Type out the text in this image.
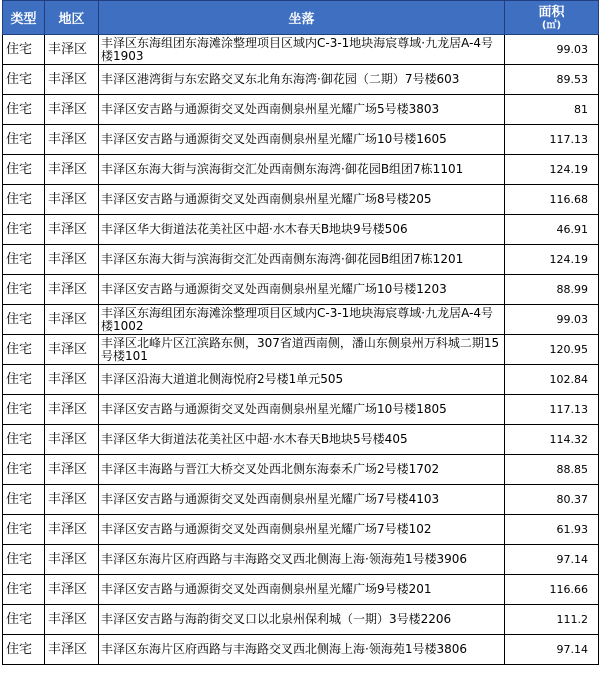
类型	地区	坐落	面积
(㎡)

住宅	丰泽区	丰泽区东海组团东海滩涂整理项目区域内C-3-1地块海宸尊域·九龙居A-4号楼1903	99.03
住宅	丰泽区	丰泽区港湾街与东宏路交叉东北角东海湾·御花园（二期）7号楼603	89.53
住宅	丰泽区	丰泽区安吉路与通源街交叉处西南侧泉州星光耀广场5号楼3803	81
住宅	丰泽区	丰泽区安吉路与通源街交叉处西南侧泉州星光耀广场10号楼1605	117.13
住宅	丰泽区	丰泽区东海大街与滨海街交汇处西南侧东海湾·御花园B组团7栋1101	124.19
住宅	丰泽区	丰泽区安吉路与通源街交叉处西南侧泉州星光耀广场8号楼205	116.68
住宅	丰泽区	丰泽区华大街道法花美社区中超·水木春天B地块9号楼506	46.91
住宅	丰泽区	丰泽区东海大街与滨海街交汇处西南侧东海湾·御花园B组团7栋1201	124.19
住宅	丰泽区	丰泽区安吉路与通源街交叉处西南侧泉州星光耀广场10号楼1203	88.99
住宅	丰泽区	丰泽区东海组团东海滩涂整理项目区域内C-3-1地块海宸尊域·九龙居A-4号楼1002	99.03
住宅	丰泽区	丰泽区北峰片区江滨路东侧，307省道西南侧，潘山东侧泉州万科城二期15号楼101	120.95
住宅	丰泽区	丰泽区沿海大道道北侧海悦府2号楼1单元505	102.84
住宅	丰泽区	丰泽区安吉路与通源街交叉处西南侧泉州星光耀广场10号楼1805	117.13
住宅	丰泽区	丰泽区华大街道法花美社区中超·水木春天B地块5号楼405	114.32
住宅	丰泽区	丰泽区丰海路与晋江大桥交叉处西北侧东海泰禾广场2号楼1702	88.85
住宅	丰泽区	丰泽区安吉路与通源街交叉处西南侧泉州星光耀广场7号楼4103	80.37
住宅	丰泽区	丰泽区安吉路与通源街交叉处西南侧泉州星光耀广场7号楼102	61.93
住宅	丰泽区	丰泽区东海片区府西路与丰海路交叉西北侧海上海·领海苑1号楼3906	97.14
住宅	丰泽区	丰泽区安吉路与通源街交叉处西南侧泉州星光耀广场9号楼201	116.66
住宅	丰泽区	丰泽区安吉路与海韵街交叉口以北泉州保利城（一期）3号楼2206	111.2
住宅	丰泽区	丰泽区东海片区府西路与丰海路交叉西北侧海上海·领海苑1号楼3806	97.14
